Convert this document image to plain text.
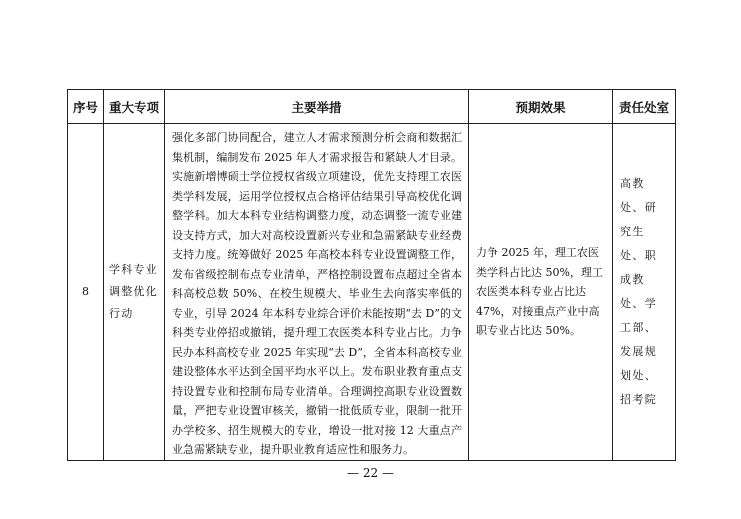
序号	重大专项	主要举措	预期效果	责任处室
8	学科专业调整优化行动	强化多部门协同配合，建立人才需求预测分析会商和数据汇集机制，编制发布 2025 年人才需求报告和紧缺人才目录。实施新增博硕士学位授权省级立项建设，优先支持理工农医类学科发展，运用学位授权点合格评估结果引导高校优化调整学科。加大本科专业结构调整力度，动态调整一流专业建设支持方式，加大对高校设置新兴专业和急需紧缺专业经费支持力度。统筹做好 2025 年高校本科专业设置调整工作，发布省级控制布点专业清单，严格控制设置布点超过全省本科高校总数 50%、在校生规模大、毕业生去向落实率低的专业，引导 2024 年本科专业综合评价未能按期“去 D”的文科类专业停招或撤销，提升理工农医类本科专业占比。力争民办本科高校专业 2025 年实现“去 D”，全省本科高校专业建设整体水平达到全国平均水平以上。发布职业教育重点支持设置专业和控制布局专业清单。合理调控高职专业设置数量，严把专业设置审核关，撤销一批低质专业，限制一批开办学校多、招生规模大的专业，增设一批对接 12 大重点产业急需紧缺专业，提升职业教育适应性和服务力。	力争 2025 年，理工农医类学科占比达 50%，理工农医类本科专业占比达 47%，对接重点产业中高职专业占比达 50%。	高教处、研究生处、职成教处、学工部、发展规划处、招考院
— 22 —
